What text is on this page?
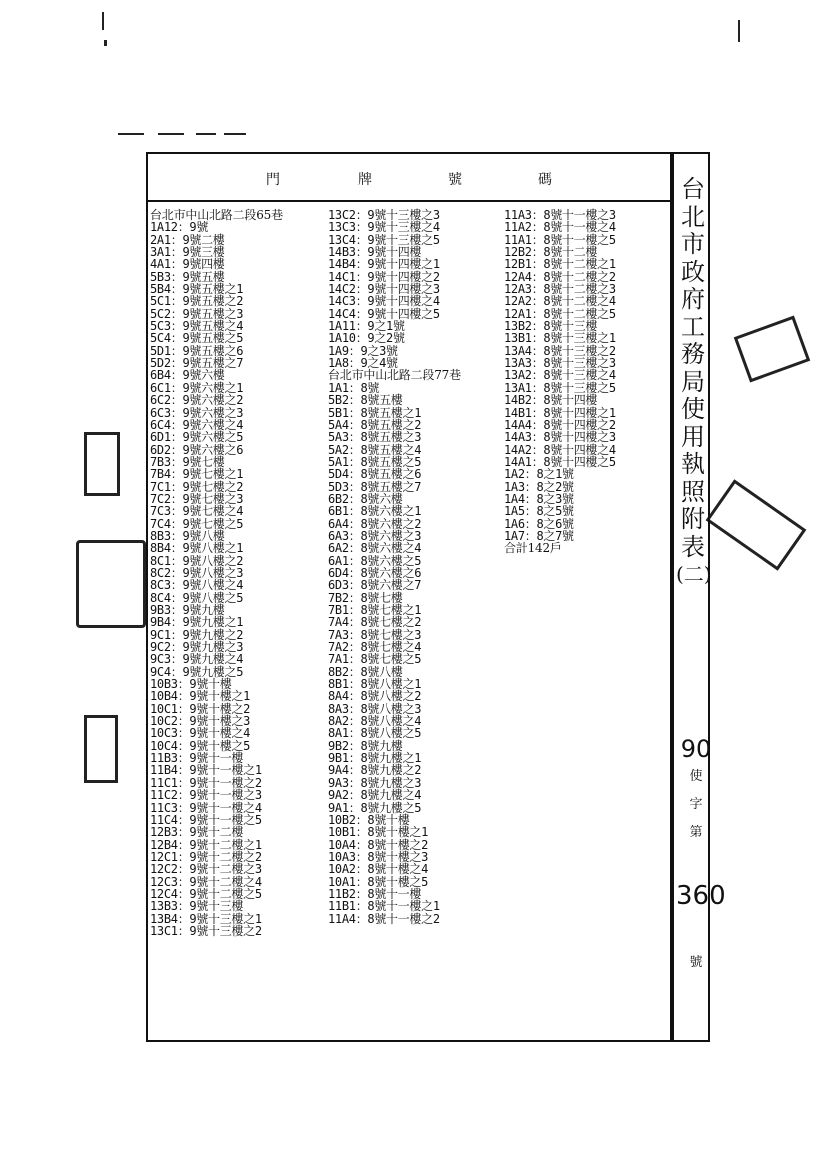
門	牌	號	碼
台北市中山北路二段65巷
1A12：9號
2A1：9號二樓
3A1：9號三樓
4A1：9號四樓
5B3：9號五樓
5B4：9號五樓之1
5C1：9號五樓之2
5C2：9號五樓之3
5C3：9號五樓之4
5C4：9號五樓之5
5D1：9號五樓之6
5D2：9號五樓之7
6B4：9號六樓
6C1：9號六樓之1
6C2：9號六樓之2
6C3：9號六樓之3
6C4：9號六樓之4
6D1：9號六樓之5
6D2：9號六樓之6
7B3：9號七樓
7B4：9號七樓之1
7C1：9號七樓之2
7C2：9號七樓之3
7C3：9號七樓之4
7C4：9號七樓之5
8B3：9號八樓
8B4：9號八樓之1
8C1：9號八樓之2
8C2：9號八樓之3
8C3：9號八樓之4
8C4：9號八樓之5
9B3：9號九樓
9B4：9號九樓之1
9C1：9號九樓之2
9C2：9號九樓之3
9C3：9號九樓之4
9C4：9號九樓之5
10B3：9號十樓
10B4：9號十樓之1
10C1：9號十樓之2
10C2：9號十樓之3
10C3：9號十樓之4
10C4：9號十樓之5
11B3：9號十一樓
11B4：9號十一樓之1
11C1：9號十一樓之2
11C2：9號十一樓之3
11C3：9號十一樓之4
11C4：9號十一樓之5
12B3：9號十二樓
12B4：9號十二樓之1
12C1：9號十二樓之2
12C2：9號十二樓之3
12C3：9號十二樓之4
12C4：9號十二樓之5
13B3：9號十三樓
13B4：9號十三樓之1
13C1：9號十三樓之2
13C2：9號十三樓之3
13C3：9號十三樓之4
13C4：9號十三樓之5
14B3：9號十四樓
14B4：9號十四樓之1
14C1：9號十四樓之2
14C2：9號十四樓之3
14C3：9號十四樓之4
14C4：9號十四樓之5
1A11：9之1號
1A10：9之2號
1A9：9之3號
1A8：9之4號
台北市中山北路二段77巷
1A1：8號
5B2：8號五樓
5B1：8號五樓之1
5A4：8號五樓之2
5A3：8號五樓之3
5A2：8號五樓之4
5A1：8號五樓之5
5D4：8號五樓之6
5D3：8號五樓之7
6B2：8號六樓
6B1：8號六樓之1
6A4：8號六樓之2
6A3：8號六樓之3
6A2：8號六樓之4
6A1：8號六樓之5
6D4：8號六樓之6
6D3：8號六樓之7
7B2：8號七樓
7B1：8號七樓之1
7A4：8號七樓之2
7A3：8號七樓之3
7A2：8號七樓之4
7A1：8號七樓之5
8B2：8號八樓
8B1：8號八樓之1
8A4：8號八樓之2
8A3：8號八樓之3
8A2：8號八樓之4
8A1：8號八樓之5
9B2：8號九樓
9B1：8號九樓之1
9A4：8號九樓之2
9A3：8號九樓之3
9A2：8號九樓之4
9A1：8號九樓之5
10B2：8號十樓
10B1：8號十樓之1
10A4：8號十樓之2
10A3：8號十樓之3
10A2：8號十樓之4
10A1：8號十樓之5
11B2：8號十一樓
11B1：8號十一樓之1
11A4：8號十一樓之2
11A3：8號十一樓之3
11A2：8號十一樓之4
11A1：8號十一樓之5
12B2：8號十二樓
12B1：8號十二樓之1
12A4：8號十二樓之2
12A3：8號十二樓之3
12A2：8號十二樓之4
12A1：8號十二樓之5
13B2：8號十三樓
13B1：8號十三樓之1
13A4：8號十三樓之2
13A3：8號十三樓之3
13A2：8號十三樓之4
13A1：8號十三樓之5
14B2：8號十四樓
14B1：8號十四樓之1
14A4：8號十四樓之2
14A3：8號十四樓之3
14A2：8號十四樓之4
14A1：8號十四樓之5
1A2：8之1號
1A3：8之2號
1A4：8之3號
1A5：8之5號
1A6：8之6號
1A7：8之7號
合計142戶
台
北
市
政
府
工
務
局
使
用
執
照
附
表
(二)
90
使
字
第
360
號
